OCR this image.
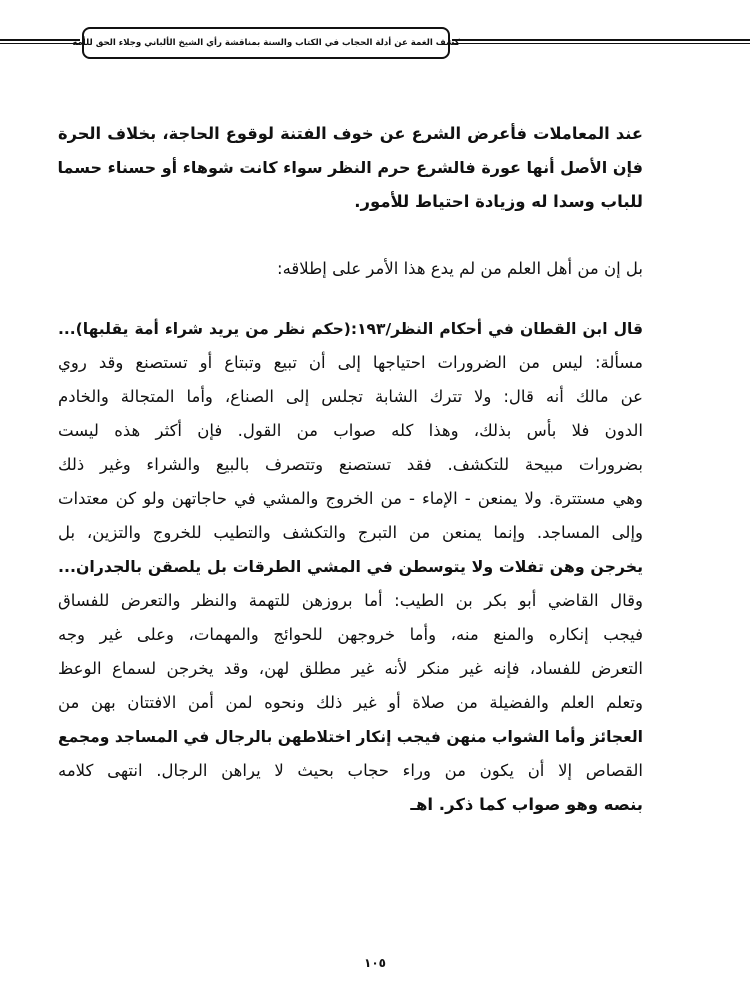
كشف الغمة عن أدلة الحجاب في الكتاب والسنة بمناقشة رأي الشيخ الألباني وجلاء الحق للأمة
عند المعاملات فأعرض الشرع عن خوف الفتنة لوقوع الحاجة، بخلاف الحرة
فإن الأصل أنها عورة فالشرع حرم النظر سواء كانت شوهاء أو حسناء حسما
للباب وسدا له وزيادة احتياط للأمور.
بل إن من أهل العلم من لم يدع هذا الأمر على إطلاقه:
قال ابن القطان في أحكام النظر/١٩٣:(حكم نظر من يريد شراء أمة يقلبها)...
مسألة: ليس من الضرورات احتياجها إلى أن تبيع وتبتاع أو تستصنع وقد روي
عن مالك أنه قال: ولا تترك الشابة تجلس إلى الصناع، وأما المتجالة والخادم
الدون فلا بأس بذلك، وهذا كله صواب من القول. فإن أكثر هذه ليست
بضرورات مبيحة للتكشف. فقد تستصنع وتتصرف بالبيع والشراء وغير ذلك
وهي مستترة. ولا يمنعن - الإماء - من الخروج والمشي في حاجاتهن ولو كن معتدات
وإلى المساجد. وإنما يمنعن من التبرج والتكشف والتطيب للخروج والتزين، بل
يخرجن وهن تفلات ولا يتوسطن في المشي الطرقات بل يلصقن بالجدران...
وقال القاضي أبو بكر بن الطيب: أما بروزهن للتهمة والنظر والتعرض للفساق
فيجب إنكاره والمنع منه، وأما خروجهن للحوائج والمهمات، وعلى غير وجه
التعرض للفساد، فإنه غير منكر لأنه غير مطلق لهن، وقد يخرجن لسماع الوعظ
وتعلم العلم والفضيلة من صلاة أو غير ذلك ونحوه لمن أمن الافتتان بهن من
العجائز وأما الشواب منهن فيجب إنكار اختلاطهن بالرجال في المساجد ومجمع
القصاص إلا أن يكون من وراء حجاب بحيث لا يراهن الرجال. انتهى كلامه
بنصه وهو صواب كما ذكر. اهـ
١٠٥
